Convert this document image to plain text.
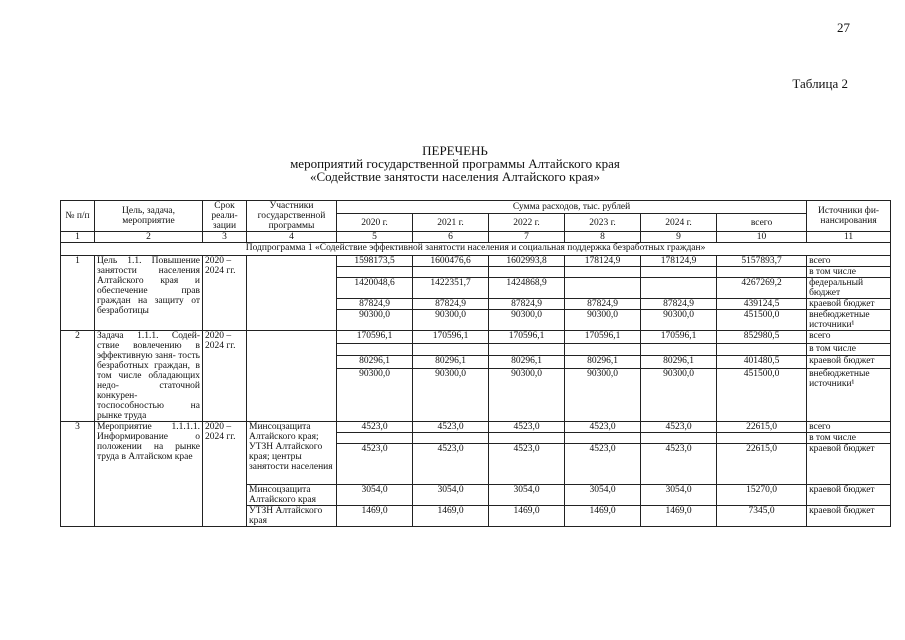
27
Таблица 2
ПЕРЕЧЕНЬ
мероприятий государственной программы Алтайского края
«Содействие занятости населения Алтайского края»
№ п/п	Цель, задача, мероприятие	Срок реали- зации	Участники государственной программы	Сумма расходов, тыс. рублей						Источники фи- нансирования
				2020 г.	2021 г.	2022 г.	2023 г.	2024 г.	всего	
1	2	3	4	5	6	7	8	9	10	11
Подпрограмма 1 «Содействие эффективной занятости населения и социальная поддержка безработных граждан»										
1	Цель 1.1. Повышение занятости населения Алтайского края и обеспечение прав граждан на защиту от безработицы	2020 – 2024 гг.		1598173,5	1600476,6	1602993,8	178124,9	178124,9	5157893,7	всего
										в том числе
				1420048,6	1422351,7	1424868,9			4267269,2	федеральный бюджет
				87824,9	87824,9	87824,9	87824,9	87824,9	439124,5	краевой бюджет
				90300,0	90300,0	90300,0	90300,0	90300,0	451500,0	внебюджетные источники¹
2	Задача 1.1.1. Содей- ствие вовлечению в эффективную заня- тость безработных граждан, в том числе обладающих недо- статочной конкурен- тоспособностью на рынке труда	2020 – 2024 гг.		170596,1	170596,1	170596,1	170596,1	170596,1	852980,5	всего
										в том числе
				80296,1	80296,1	80296,1	80296,1	80296,1	401480,5	краевой бюджет
				90300,0	90300,0	90300,0	90300,0	90300,0	451500,0	внебюджетные источники¹
3	Мероприятие 1.1.1.1. Информирование о положении на рынке труда в Алтайском крае	2020 – 2024 гг.	Минсоцзащита Алтайского края; УТЗН Алтайского края; центры занятости населения	4523,0	4523,0	4523,0	4523,0	4523,0	22615,0	всего
										в том числе
				4523,0	4523,0	4523,0	4523,0	4523,0	22615,0	краевой бюджет
			Минсоцзащита Алтайского края	3054,0	3054,0	3054,0	3054,0	3054,0	15270,0	краевой бюджет
			УТЗН Алтайского края	1469,0	1469,0	1469,0	1469,0	1469,0	7345,0	краевой бюджет
